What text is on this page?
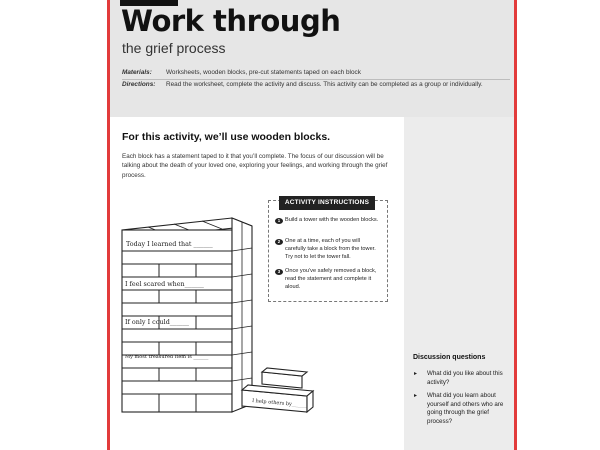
Work through
the grief process
Materials:	Worksheets, wooden blocks, pre-cut statements taped on each block
Directions:	Read the worksheet, complete the activity and discuss. This activity can be completed as a group or individually.
Discussion questions
▸	What did you like about this activity?
▸	What did you learn about yourself and others who are going through the grief process?
For this activity, we’ll use wooden blocks.
Each block has a statement taped to it that you’ll complete. The focus of our discussion will be talking about the death of your loved one, exploring your feelings, and working through the grief process.
ACTIVITY INSTRUCTIONS
1 Build a tower with the wooden blocks.
2 One at a time, each of you will carefully take a block from the tower. Try not to let the tower fall.
3 Once you’ve safely removed a block, read the statement and complete it aloud.
Today I learned that ______
I feel scared when______
If only I could______
My most treasured item is ______
I help others by______
